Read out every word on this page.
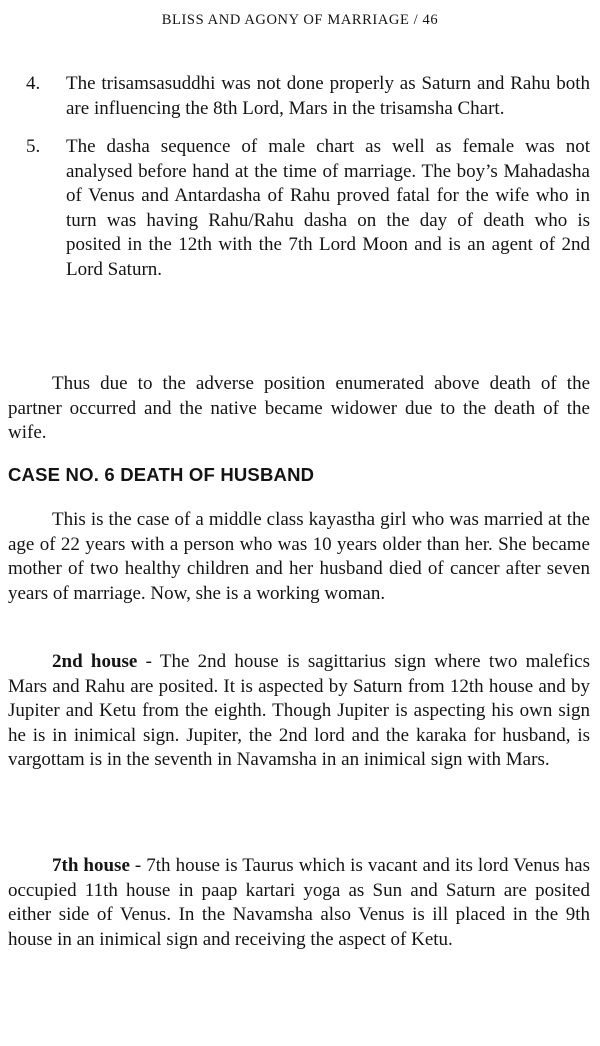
BLISS AND AGONY OF MARRIAGE / 46
4. The trisamsasuddhi was not done properly as Saturn and Rahu both are influencing the 8th Lord, Mars in the trisamsha Chart.
5. The dasha sequence of male chart as well as female was not analysed before hand at the time of marriage. The boy’s Mahadasha of Venus and Antardasha of Rahu proved fatal for the wife who in turn was having Rahu/Rahu dasha on the day of death who is posited in the 12th with the 7th Lord Moon and is an agent of 2nd Lord Saturn.

Thus due to the adverse position enumerated above death of the partner occurred and the native became widower due to the death of the wife.

CASE NO. 6 DEATH OF HUSBAND

This is the case of a middle class kayastha girl who was married at the age of 22 years with a person who was 10 years older than her. She became mother of two healthy children and her husband died of cancer after seven years of marriage. Now, she is a working woman.

2nd house - The 2nd house is sagittarius sign where two malefics Mars and Rahu are posited. It is aspected by Saturn from 12th house and by Jupiter and Ketu from the eighth. Though Jupiter is aspecting his own sign he is in inimical sign. Jupiter, the 2nd lord and the karaka for husband, is vargottam is in the seventh in Navamsha in an inimical sign with Mars.

7th house - 7th house is Taurus which is vacant and its lord Venus has occupied 11th house in paap kartari yoga as Sun and Saturn are posited either side of Venus. In the Navamsha also Venus is ill placed in the 9th house in an inimical sign and receiving the aspect of Ketu.
